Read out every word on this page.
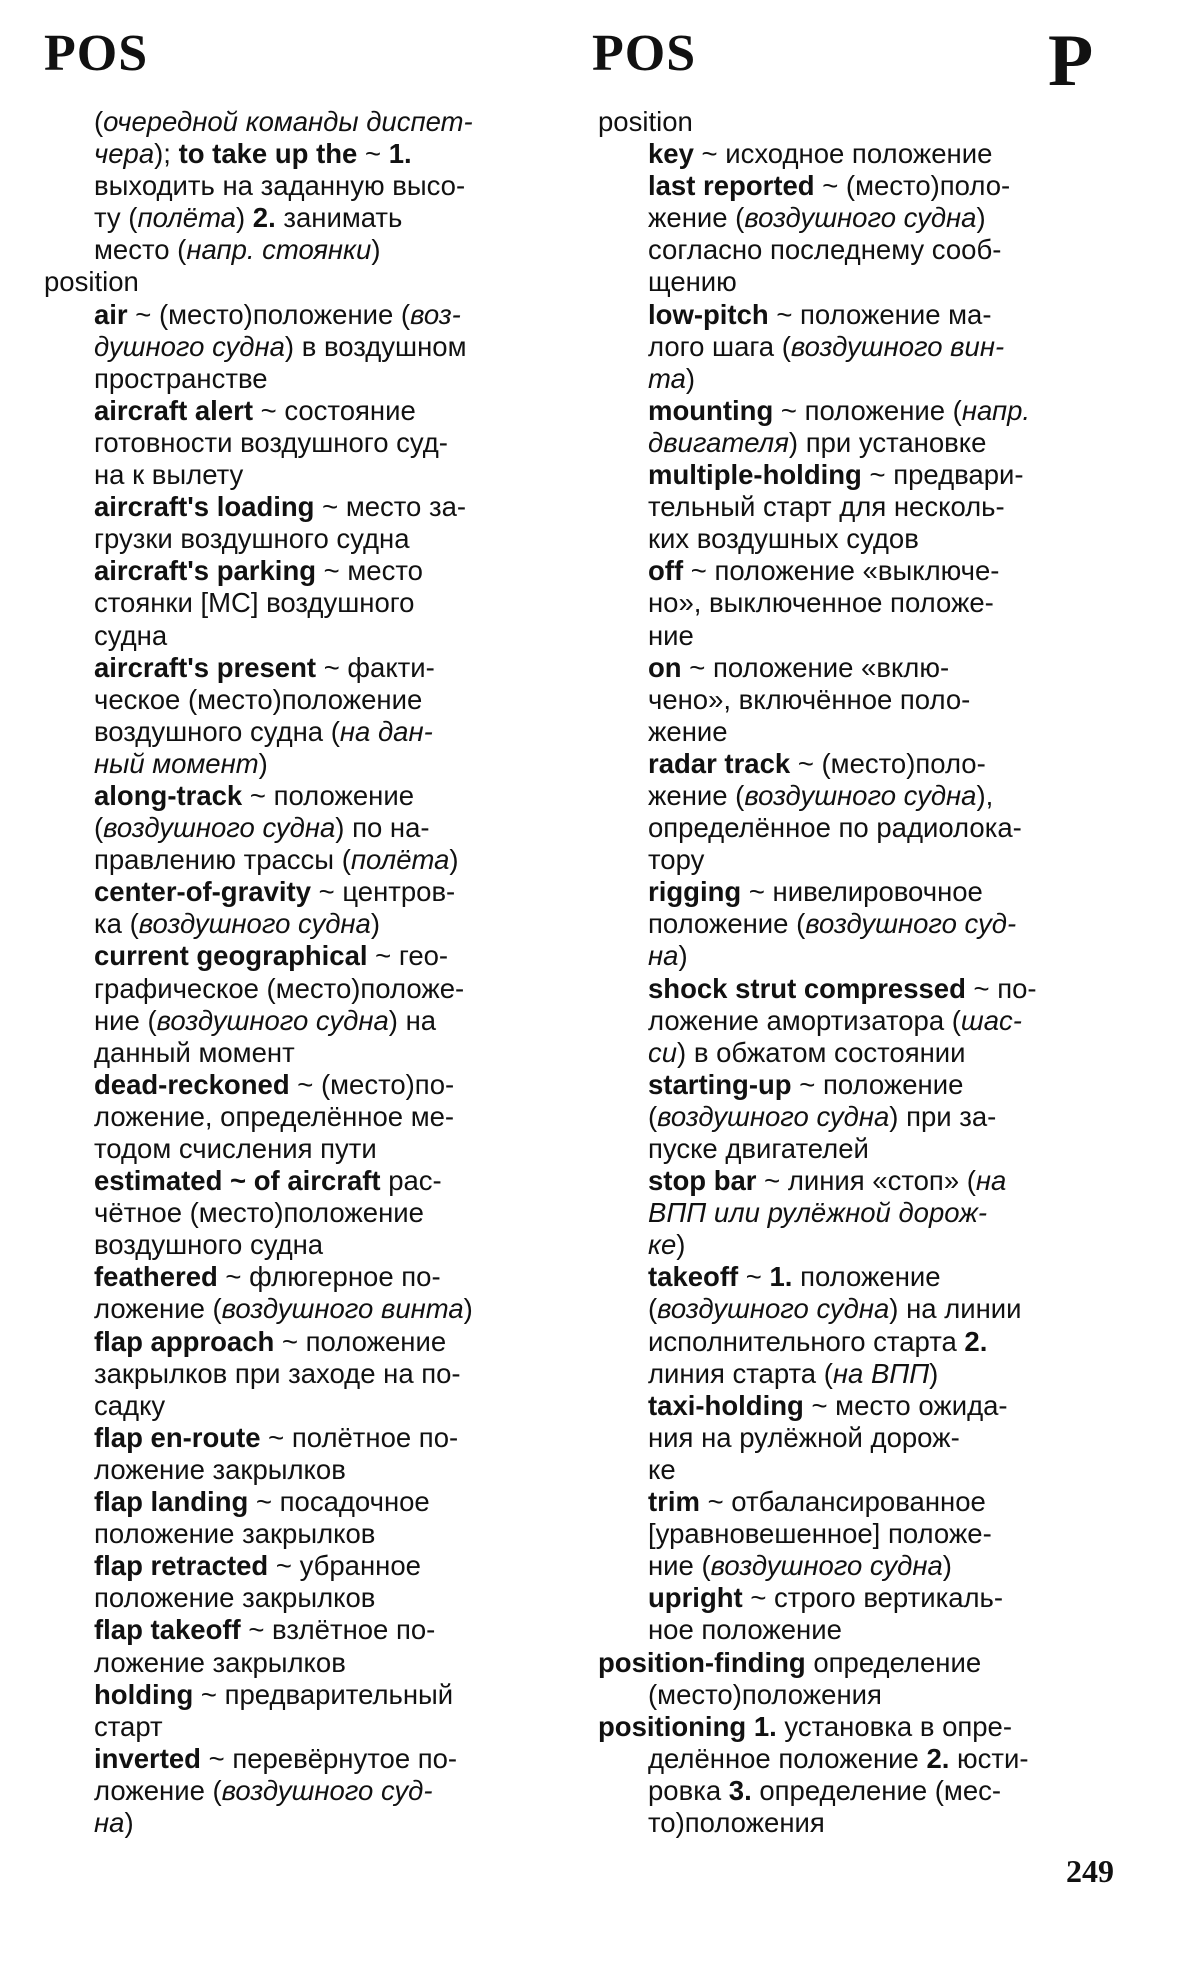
POS	POS	P
(очередной команды диспет-
чера); to take up the ~ 1.
выходить на заданную высо-
ту (полёта) 2. занимать
место (напр. стоянки)
position
air ~ (место)положение (воз-
душного судна) в воздушном
пространстве
aircraft alert ~ состояние
готовности воздушного суд-
на к вылету
aircraft's loading ~ место за-
грузки воздушного судна
aircraft's parking ~ место
стоянки [МС] воздушного
судна
aircraft's present ~ факти-
ческое (место)положение
воздушного судна (на дан-
ный момент)
along-track ~ положение
(воздушного судна) по на-
правлению трассы (полёта)
center-of-gravity ~ центров-
ка (воздушного судна)
current geographical ~ гео-
графическое (место)положе-
ние (воздушного судна) на
данный момент
dead-reckoned ~ (место)по-
ложение, определённое ме-
тодом счисления пути
estimated ~ of aircraft рас-
чётное (место)положение
воздушного судна
feathered ~ флюгерное по-
ложение (воздушного винта)
flap approach ~ положение
закрылков при заходе на по-
садку
flap en-route ~ полётное по-
ложение закрылков
flap landing ~ посадочное
положение закрылков
flap retracted ~ убранное
положение закрылков
flap takeoff ~ взлётное по-
ложение закрылков
holding ~ предварительный
старт
inverted ~ перевёрнутое по-
ложение (воздушного суд-
на)
position
key ~ исходное положение
last reported ~ (место)поло-
жение (воздушного судна)
согласно последнему сооб-
щению
low-pitch ~ положение ма-
лого шага (воздушного вин-
та)
mounting ~ положение (напр.
двигателя) при установке
multiple-holding ~ предвари-
тельный старт для несколь-
ких воздушных судов
off ~ положение «выключе-
но», выключенное положе-
ние
on ~ положение «вклю-
чено», включённое поло-
жение
radar track ~ (место)поло-
жение (воздушного судна),
определённое по радиолока-
тору
rigging ~ нивелировочное
положение (воздушного суд-
на)
shock strut compressed ~ по-
ложение амортизатора (шас-
си) в обжатом состоянии
starting-up ~ положение
(воздушного судна) при за-
пуске двигателей
stop bar ~ линия «стоп» (на
ВПП или рулёжной дорож-
ке)
takeoff ~ 1. положение
(воздушного судна) на линии
исполнительного старта 2.
линия старта (на ВПП)
taxi-holding ~ место ожида-
ния на рулёжной дорож-
ке
trim ~ отбалансированное
[уравновешенное] положе-
ние (воздушного судна)
upright ~ строго вертикаль-
ное положение
position-finding определение
(место)положения
positioning 1. установка в опре-
делённое положение 2. юсти-
ровка 3. определение (мес-
то)положения
249
